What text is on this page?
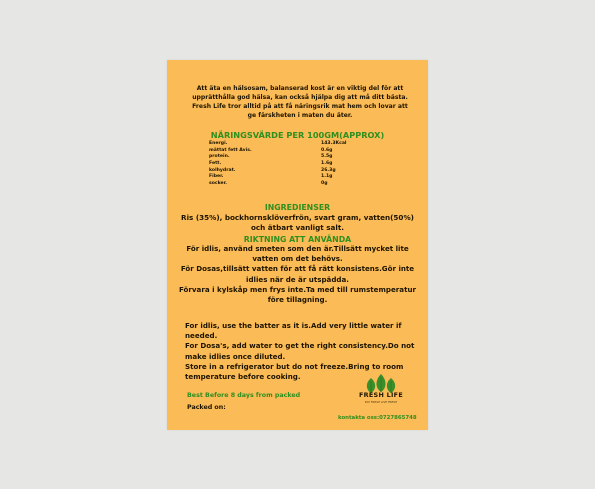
Att äta en hälsosam, balanserad kost är en viktig del för att upprätthålla god hälsa, kan också hjälpa dig att må ditt bästa. Fresh Life tror alltid på att få näringsrik mat hem och lovar att ge färskheten i maten du äter.

NÄRINGSVÄRDE PER 100GM(APPROX)

Energi.	143.3Kcal
mättat fett Avis.	0.6g
protein.	5.5g
Fett.	1.6g
kolhydrat.	26.3g
Fiber.	1.1g
socker.	0g

INGREDIENSER

Ris (35%), bockhornsklöverfrön, svart gram, vatten(50%) och ätbart vanligt salt.

RIKTNING ATT ANVÄNDA

För idlis, använd smeten som den är.Tillsätt mycket lite vatten om det behövs.
För Dosas,tillsätt vatten för att få rätt konsistens.Gör inte idlies när de är utspädda.
Förvara i kylskåp men frys inte.Ta med till rumstemperatur före tillagning.
For idlis, use the batter as it is.Add very little water if needed.
For Dosa's, add water to get the right consistency.Do not make idlies once diluted.
Store in a refrigerator but do not freeze.Bring to room temperature before cooking.

Best Before 8 days from packed

Packed on:

FRESH LIFE
EAT FRESH LIVE FRESH

kontakta oss:0727865748
